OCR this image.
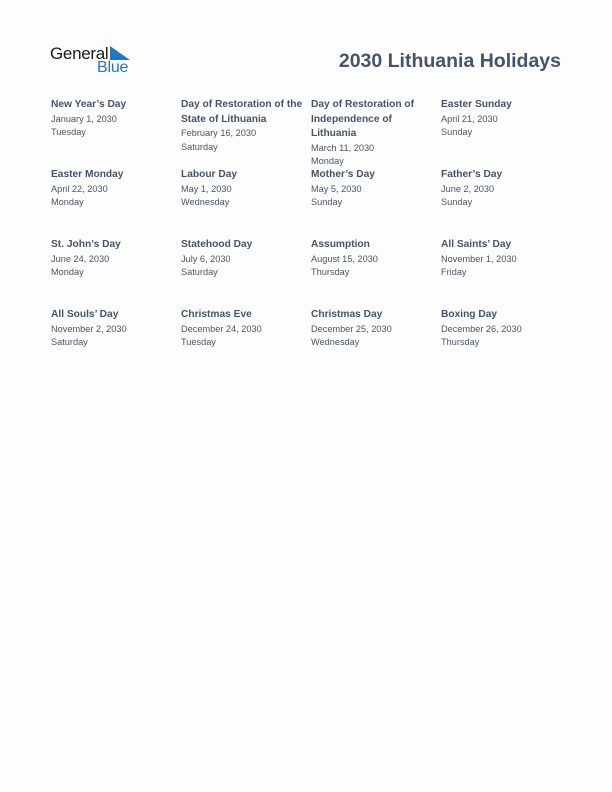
General
Blue	2030 Lithuania Holidays
New Year’s Day
January 1, 2030
Tuesday
Day of Restoration of the State of Lithuania
February 16, 2030
Saturday
Day of Restoration of Independence of Lithuania
March 11, 2030
Monday
Easter Sunday
April 21, 2030
Sunday
Easter Monday
April 22, 2030
Monday
Labour Day
May 1, 2030
Wednesday
Mother’s Day
May 5, 2030
Sunday
Father’s Day
June 2, 2030
Sunday
St. John’s Day
June 24, 2030
Monday
Statehood Day
July 6, 2030
Saturday
Assumption
August 15, 2030
Thursday
All Saints’ Day
November 1, 2030
Friday
All Souls’ Day
November 2, 2030
Saturday
Christmas Eve
December 24, 2030
Tuesday
Christmas Day
December 25, 2030
Wednesday
Boxing Day
December 26, 2030
Thursday
